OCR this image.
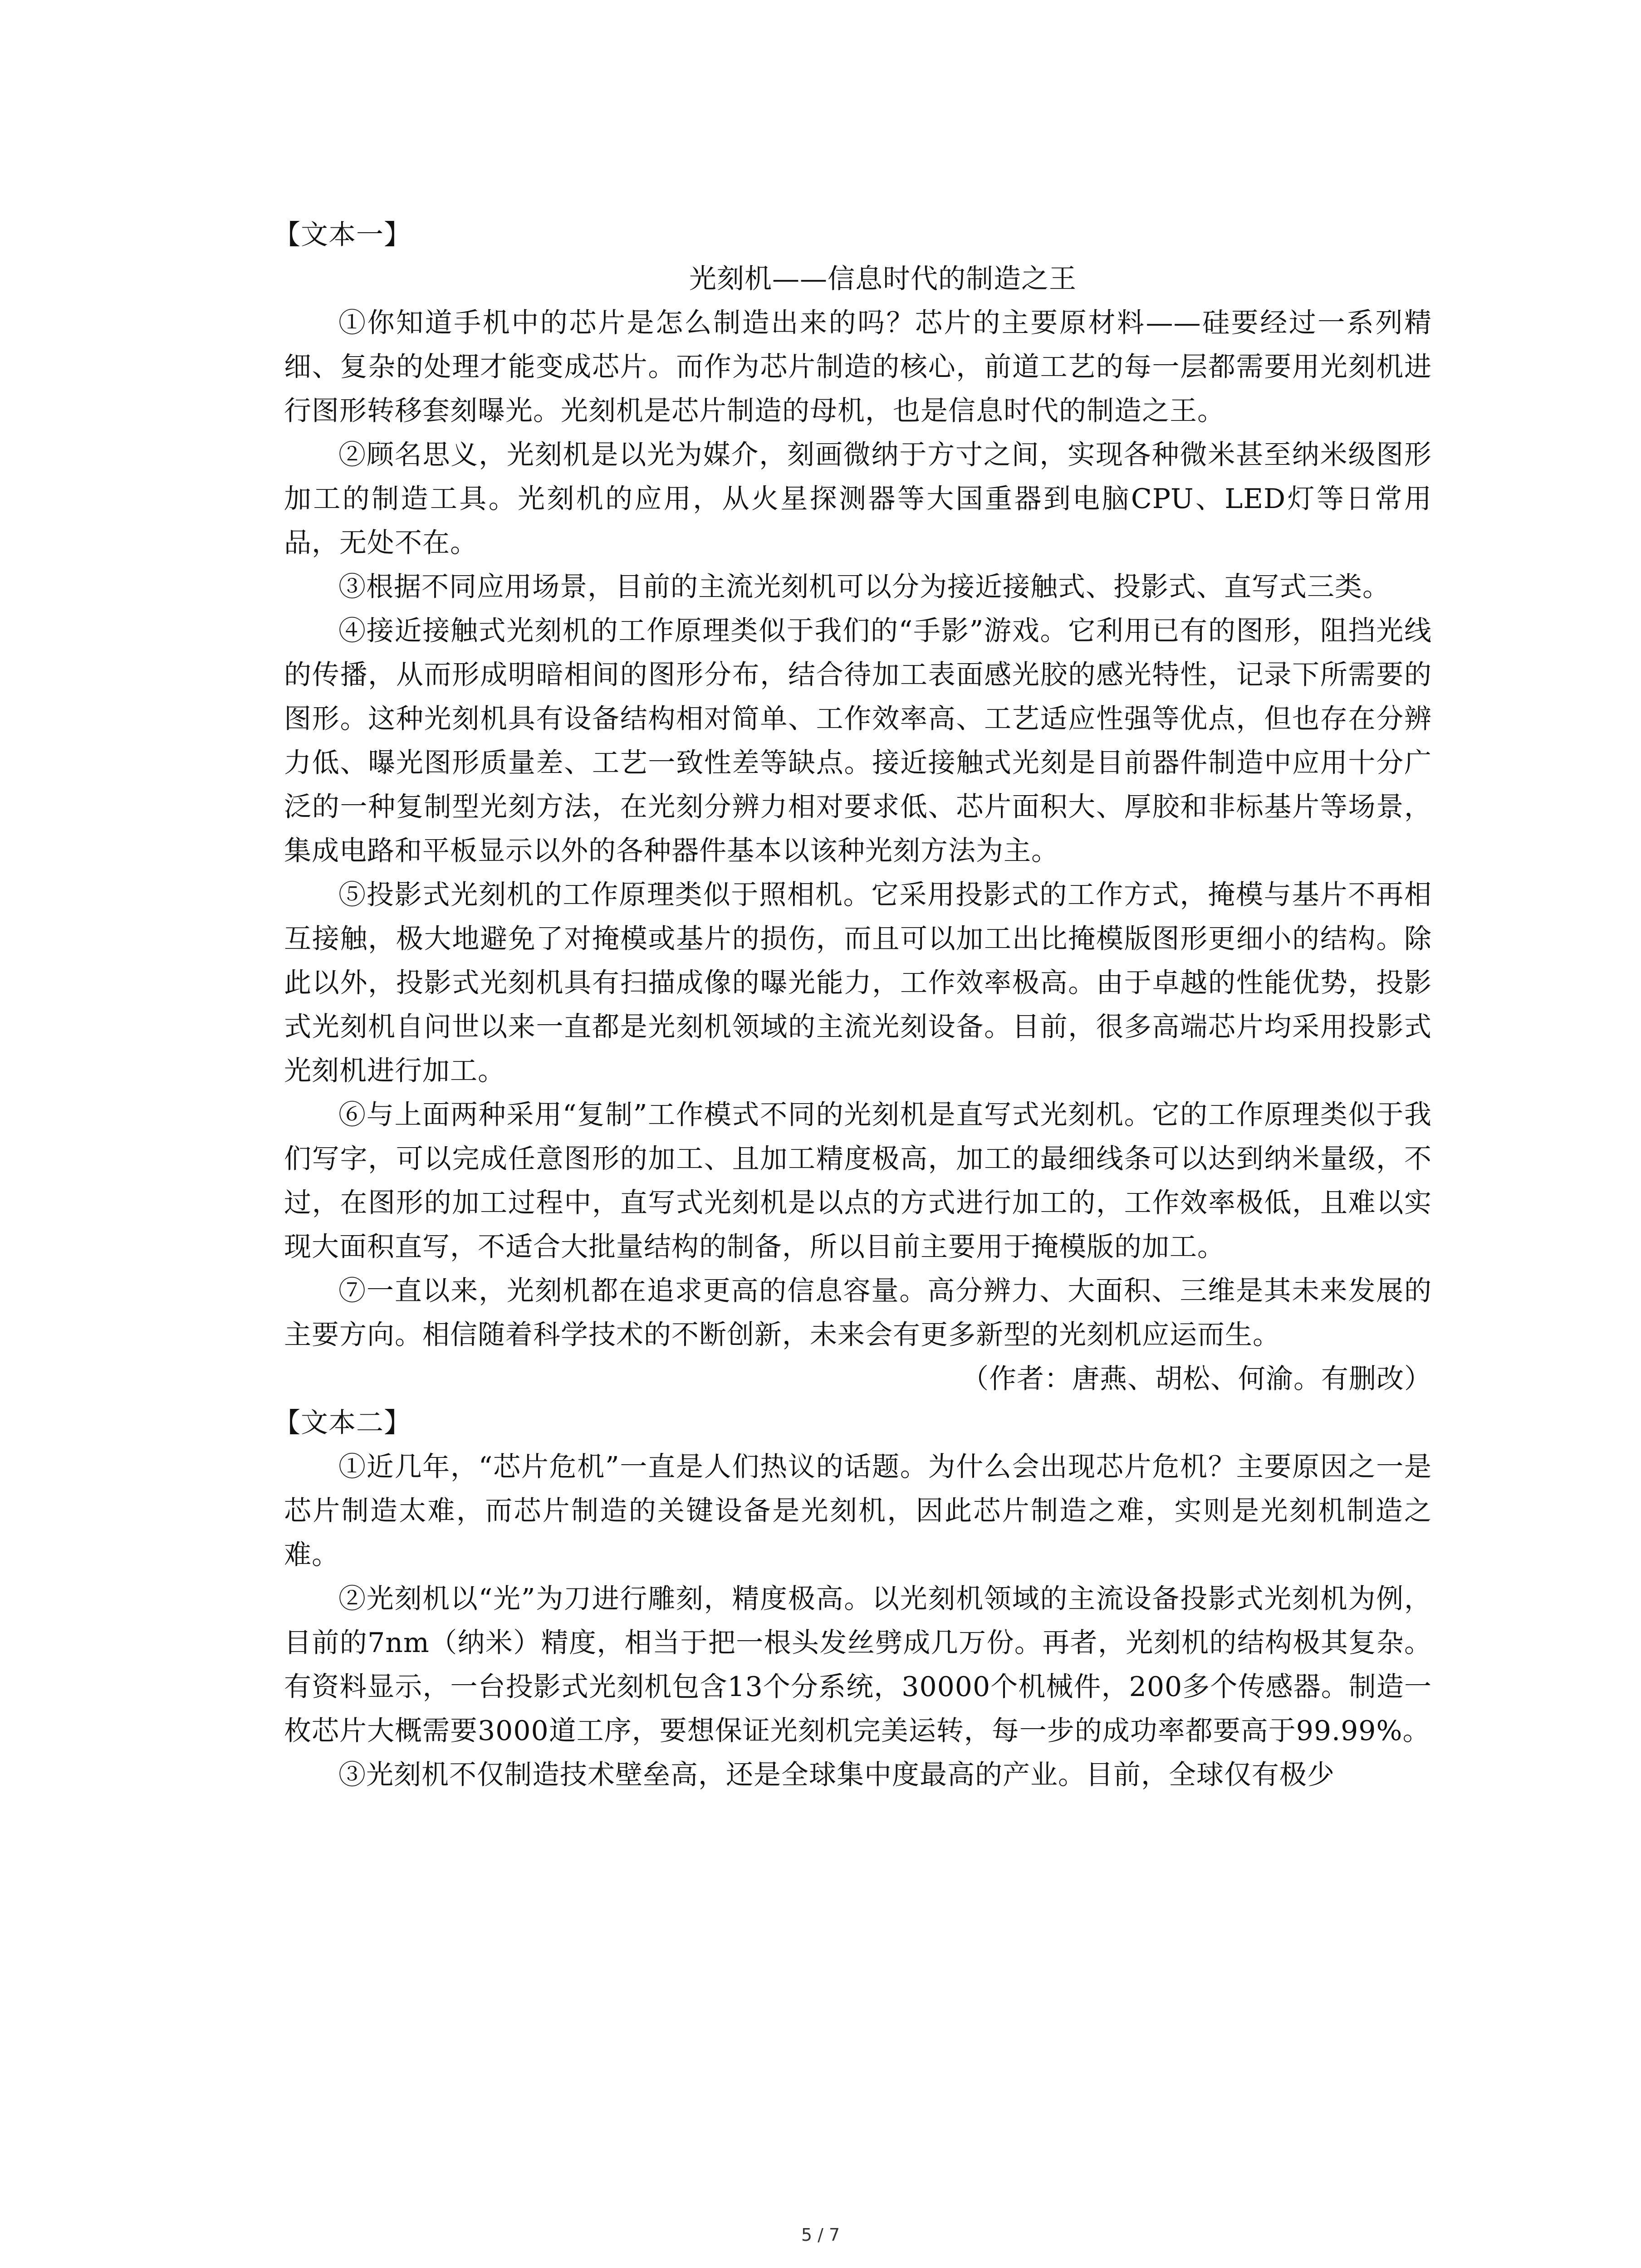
【文本一】

光刻机——信息时代的制造之王

①你知道手机中的芯片是怎么制造出来的吗？芯片的主要原材料——硅要经过一系列精细、复杂的处理才能变成芯片。而作为芯片制造的核心，前道工艺的每一层都需要用光刻机进行图形转移套刻曝光。光刻机是芯片制造的母机，也是信息时代的制造之王。

②顾名思义，光刻机是以光为媒介，刻画微纳于方寸之间，实现各种微米甚至纳米级图形加工的制造工具。光刻机的应用，从火星探测器等大国重器到电脑CPU、LED灯等日常用品，无处不在。

③根据不同应用场景，目前的主流光刻机可以分为接近接触式、投影式、直写式三类。

④接近接触式光刻机的工作原理类似于我们的“手影”游戏。它利用已有的图形，阻挡光线的传播，从而形成明暗相间的图形分布，结合待加工表面感光胶的感光特性，记录下所需要的图形。这种光刻机具有设备结构相对简单、工作效率高、工艺适应性强等优点，但也存在分辨力低、曝光图形质量差、工艺一致性差等缺点。接近接触式光刻是目前器件制造中应用十分广泛的一种复制型光刻方法，在光刻分辨力相对要求低、芯片面积大、厚胶和非标基片等场景，集成电路和平板显示以外的各种器件基本以该种光刻方法为主。

⑤投影式光刻机的工作原理类似于照相机。它采用投影式的工作方式，掩模与基片不再相互接触，极大地避免了对掩模或基片的损伤，而且可以加工出比掩模版图形更细小的结构。除此以外，投影式光刻机具有扫描成像的曝光能力，工作效率极高。由于卓越的性能优势，投影式光刻机自问世以来一直都是光刻机领域的主流光刻设备。目前，很多高端芯片均采用投影式光刻机进行加工。

⑥与上面两种采用“复制”工作模式不同的光刻机是直写式光刻机。它的工作原理类似于我们写字，可以完成任意图形的加工、且加工精度极高，加工的最细线条可以达到纳米量级，不过，在图形的加工过程中，直写式光刻机是以点的方式进行加工的，工作效率极低，且难以实现大面积直写，不适合大批量结构的制备，所以目前主要用于掩模版的加工。

⑦一直以来，光刻机都在追求更高的信息容量。高分辨力、大面积、三维是其未来发展的主要方向。相信随着科学技术的不断创新，未来会有更多新型的光刻机应运而生。

（作者：唐燕、胡松、何渝。有删改）

【文本二】

①近几年，“芯片危机”一直是人们热议的话题。为什么会出现芯片危机？主要原因之一是芯片制造太难，而芯片制造的关键设备是光刻机，因此芯片制造之难，实则是光刻机制造之难。

②光刻机以“光”为刀进行雕刻，精度极高。以光刻机领域的主流设备投影式光刻机为例，目前的7nm（纳米）精度，相当于把一根头发丝劈成几万份。再者，光刻机的结构极其复杂。有资料显示，一台投影式光刻机包含13个分系统，30000个机械件，200多个传感器。制造一枚芯片大概需要3000道工序，要想保证光刻机完美运转，每一步的成功率都要高于99.99%。

③光刻机不仅制造技术壁垒高，还是全球集中度最高的产业。目前，全球仅有极少

5 / 7
